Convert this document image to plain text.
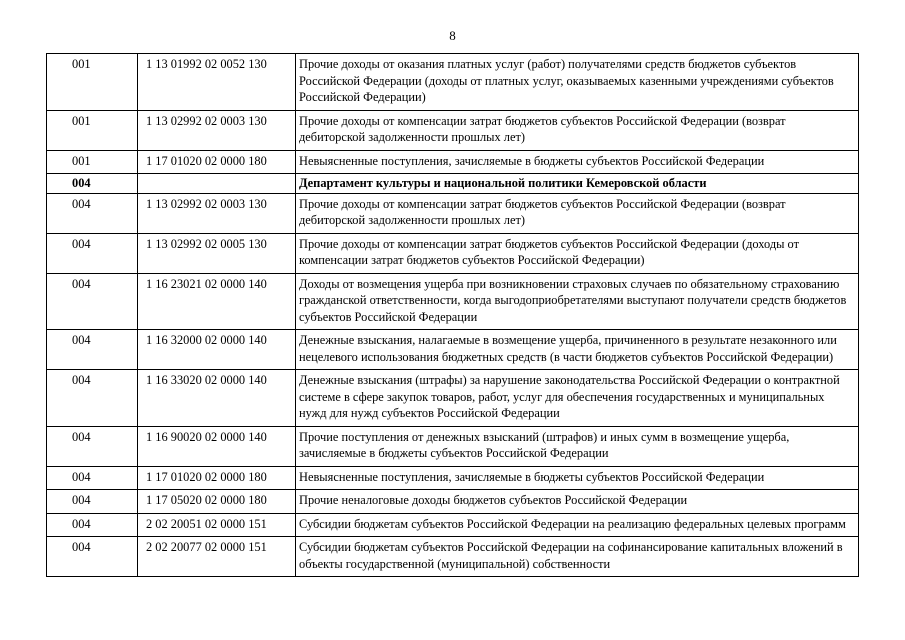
8
001	1 13 01992 02 0052 130	Прочие доходы от оказания платных услуг (работ) получателями средств бюджетов субъектов Российской Федерации (доходы от платных услуг, оказываемых казенными учреждениями субъектов Российской Федерации)
001	1 13 02992 02 0003 130	Прочие доходы от компенсации затрат бюджетов субъектов Российской Федерации (возврат дебиторской задолженности прошлых лет)
001	1 17 01020 02 0000 180	Невыясненные поступления, зачисляемые в бюджеты субъектов Российской Федерации
004		Департамент культуры и национальной политики Кемеровской области
004	1 13 02992 02 0003 130	Прочие доходы от компенсации затрат бюджетов субъектов Российской Федерации (возврат дебиторской задолженности прошлых лет)
004	1 13 02992 02 0005 130	Прочие доходы от компенсации затрат бюджетов субъектов Российской Федерации (доходы от компенсации затрат бюджетов субъектов Российской Федерации)
004	1 16 23021 02 0000 140	Доходы от возмещения ущерба при возникновении страховых случаев по обязательному страхованию гражданской ответственности, когда выгодоприобретателями выступают получатели средств бюджетов субъектов Российской Федерации
004	1 16 32000 02 0000 140	Денежные взыскания, налагаемые в возмещение ущерба, причиненного в результате незаконного или нецелевого использования бюджетных средств (в части бюджетов субъектов Российской Федерации)
004	1 16 33020 02 0000 140	Денежные взыскания (штрафы) за нарушение законодательства Российской Федерации о контрактной системе в сфере закупок товаров, работ, услуг для обеспечения государственных и муниципальных нужд для нужд субъектов Российской Федерации
004	1 16 90020 02 0000 140	Прочие поступления от денежных взысканий (штрафов) и иных сумм в возмещение ущерба, зачисляемые в бюджеты субъектов Российской Федерации
004	1 17 01020 02 0000 180	Невыясненные поступления, зачисляемые в бюджеты субъектов Российской Федерации
004	1 17 05020 02 0000 180	Прочие неналоговые доходы бюджетов субъектов Российской Федерации
004	2 02 20051 02 0000 151	Субсидии бюджетам субъектов Российской Федерации на реализацию федеральных целевых программ
004	2 02 20077 02 0000 151	Субсидии бюджетам субъектов Российской Федерации на софинансирование капитальных вложений в объекты государственной (муниципальной) собственности
